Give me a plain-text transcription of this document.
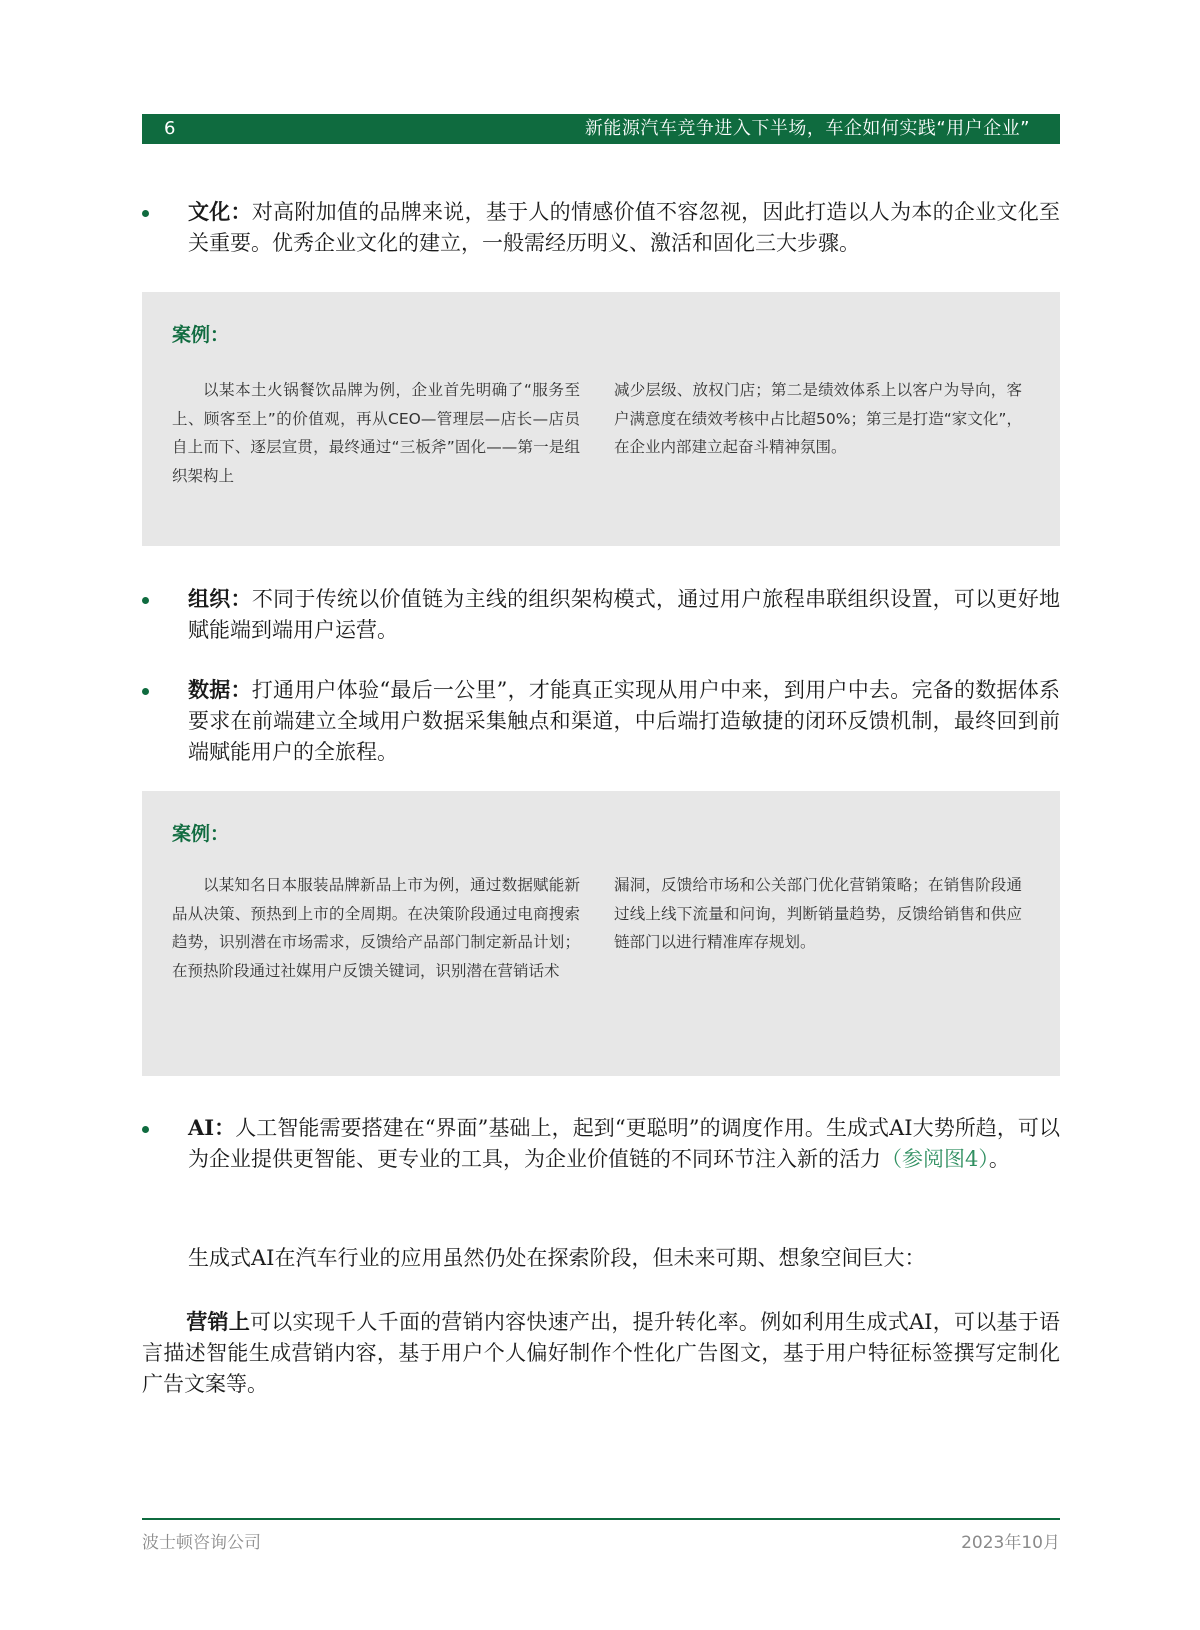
6	新能源汽车竞争进入下半场，车企如何实践“用户企业”
文化：对高附加值的品牌来说，基于人的情感价值不容忽视，因此打造以人为本的企业文化至关重要。优秀企业文化的建立，一般需经历明义、激活和固化三大步骤。
案例：
以某本土火锅餐饮品牌为例，企业首先明确了“服务至上、顾客至上”的价值观，再从CEO—管理层—店长—店员自上而下、逐层宣贯，最终通过“三板斧”固化——第一是组织架构上
减少层级、放权门店；第二是绩效体系上以客户为导向，客户满意度在绩效考核中占比超50%；第三是打造“家文化”，在企业内部建立起奋斗精神氛围。
组织：不同于传统以价值链为主线的组织架构模式，通过用户旅程串联组织设置，可以更好地赋能端到端用户运营。
数据：打通用户体验“最后一公里”，才能真正实现从用户中来，到用户中去。完备的数据体系要求在前端建立全域用户数据采集触点和渠道，中后端打造敏捷的闭环反馈机制，最终回到前端赋能用户的全旅程。
案例：
以某知名日本服装品牌新品上市为例，通过数据赋能新品从决策、预热到上市的全周期。在决策阶段通过电商搜索趋势，识别潜在市场需求，反馈给产品部门制定新品计划；在预热阶段通过社媒用户反馈关键词，识别潜在营销话术
漏洞，反馈给市场和公关部门优化营销策略；在销售阶段通过线上线下流量和问询，判断销量趋势，反馈给销售和供应链部门以进行精准库存规划。
AI：人工智能需要搭建在“界面”基础上，起到“更聪明”的调度作用。生成式AI大势所趋，可以为企业提供更智能、更专业的工具，为企业价值链的不同环节注入新的活力（参阅图4）。
生成式AI在汽车行业的应用虽然仍处在探索阶段，但未来可期、想象空间巨大：
营销上可以实现千人千面的营销内容快速产出，提升转化率。例如利用生成式AI，可以基于语言描述智能生成营销内容，基于用户个人偏好制作个性化广告图文，基于用户特征标签撰写定制化广告文案等。
波士顿咨询公司	2023年10月
